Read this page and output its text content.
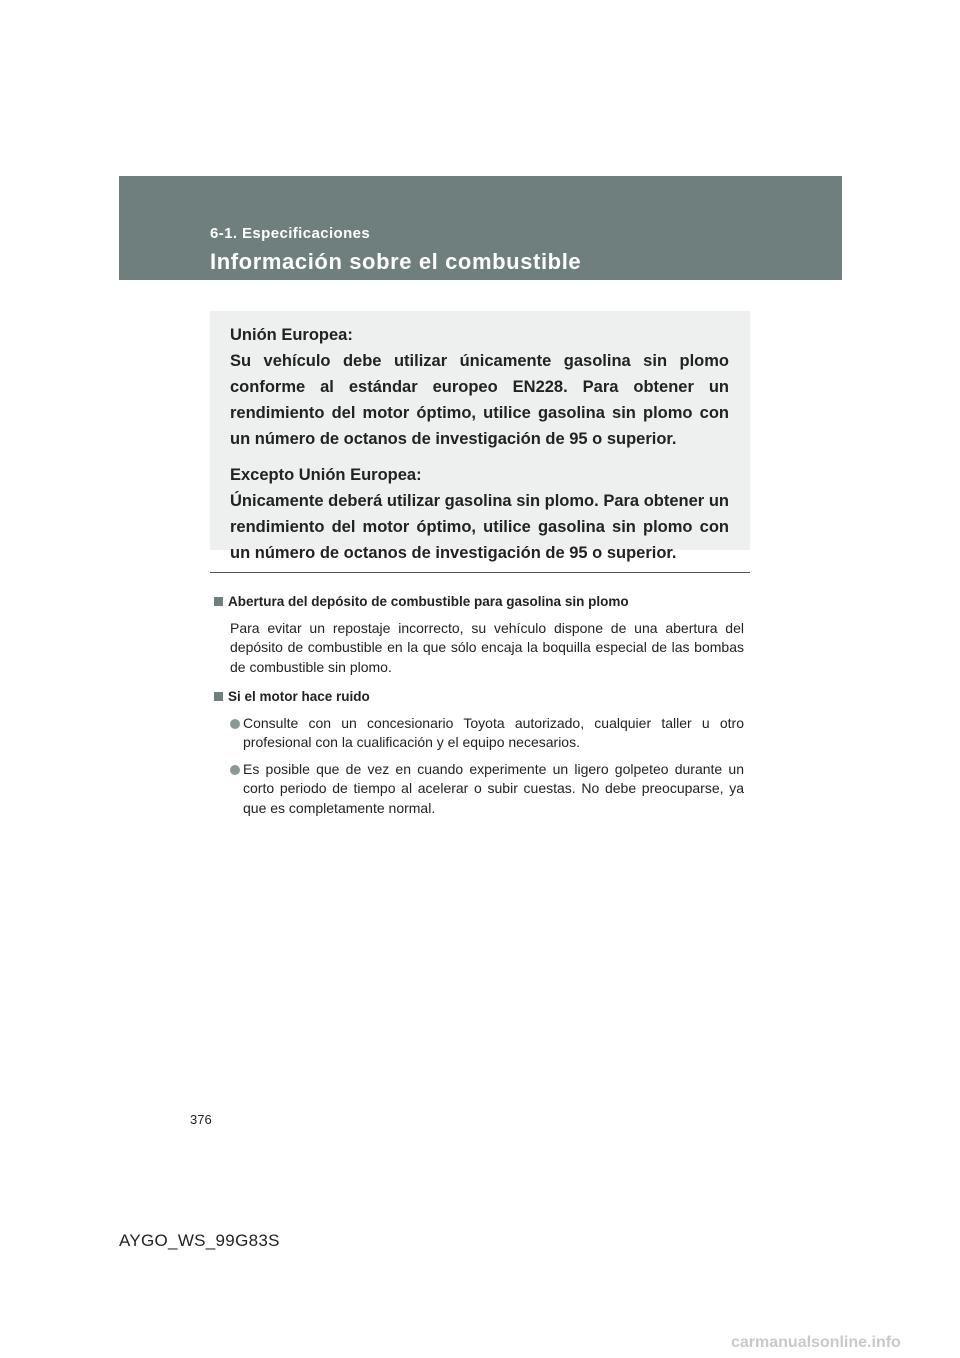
6-1. Especificaciones
Información sobre el combustible
Unión Europea:

Su vehículo debe utilizar únicamente gasolina sin plomo conforme al estándar europeo EN228. Para obtener un rendimiento del motor óptimo, utilice gasolina sin plomo con un número de octanos de investigación de 95 o superior.

Excepto Unión Europea:

Únicamente deberá utilizar gasolina sin plomo. Para obtener un rendimiento del motor óptimo, utilice gasolina sin plomo con un número de octanos de investigación de 95 o superior.

Abertura del depósito de combustible para gasolina sin plomo

Para evitar un repostaje incorrecto, su vehículo dispone de una abertura del depósito de combustible en la que sólo encaja la boquilla especial de las bombas de combustible sin plomo.

Si el motor hace ruido
Consulte con un concesionario Toyota autorizado, cualquier taller u otro profesional con la cualificación y el equipo necesarios.
Es posible que de vez en cuando experimente un ligero golpeteo durante un corto periodo de tiempo al acelerar o subir cuestas. No debe preocuparse, ya que es completamente normal.
376
AYGO_WS_99G83S
carmanualsonline.info
